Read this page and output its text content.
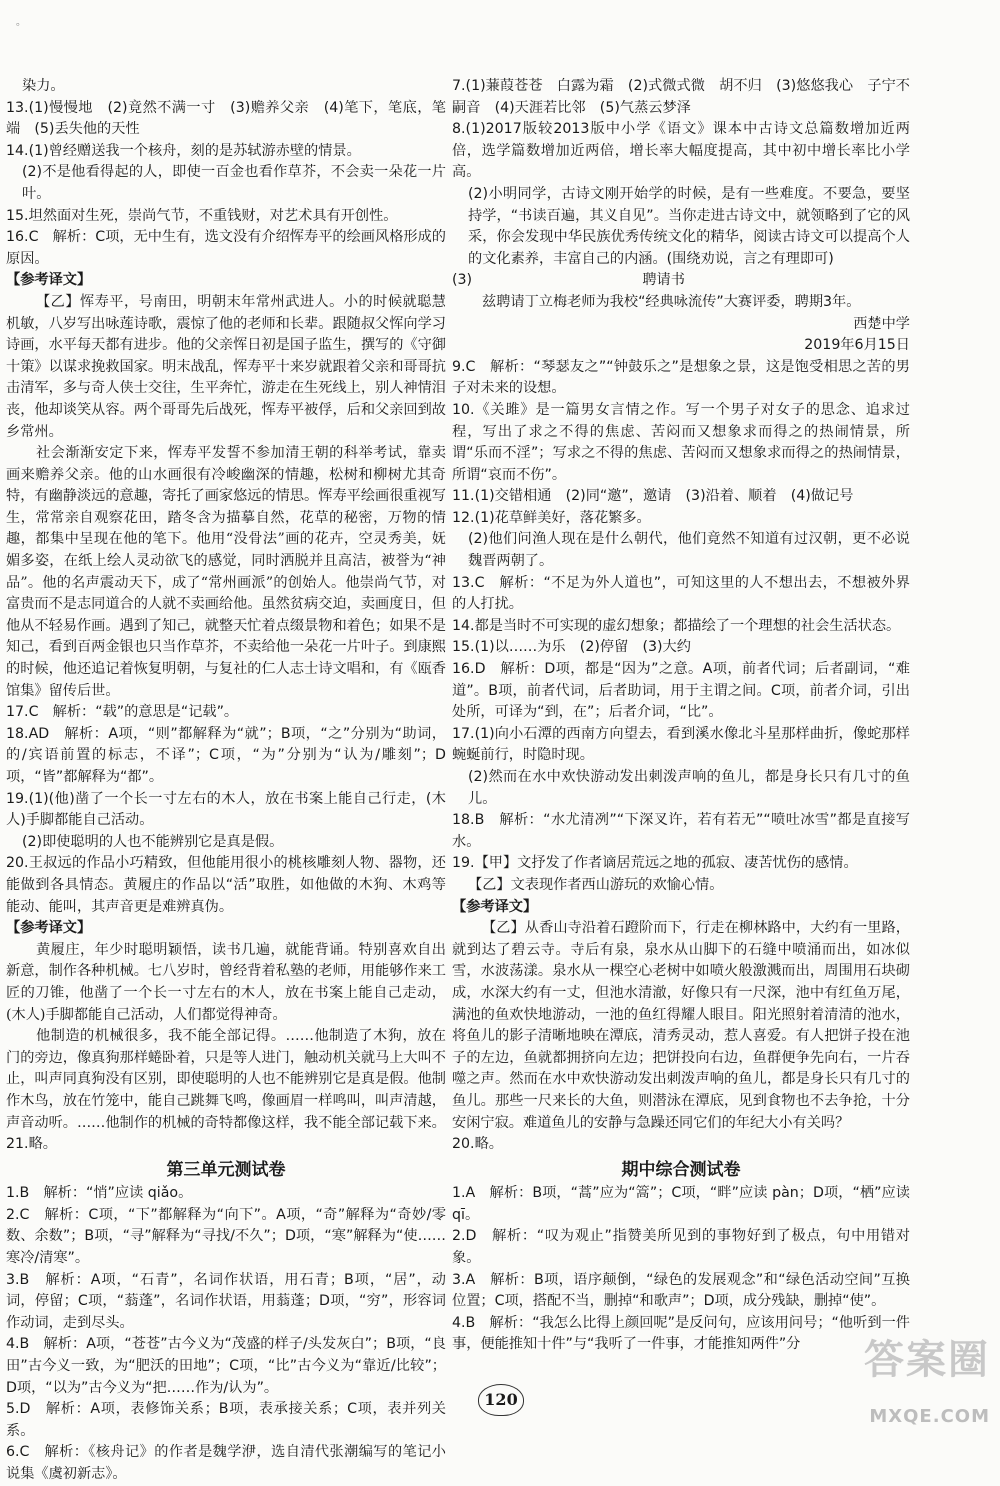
。

染力。

13.(1)慢慢地　(2)竟然不满一寸　(3)赡养父亲　(4)笔下，笔底，笔端　(5)丢失他的天性

14.(1)曾经赠送我一个核舟，刻的是苏轼游赤壁的情景。

(2)不是他看得起的人，即使一百金也看作草芥，不会卖一朵花一片叶。

15.坦然面对生死，崇尚气节，不重钱财，对艺术具有开创性。

16.C　解析：C项，无中生有，选文没有介绍恽寿平的绘画风格形成的原因。

【参考译文】

【乙】恽寿平，号南田，明朝末年常州武进人。小的时候就聪慧机敏，八岁写出咏莲诗歌，震惊了他的老师和长辈。跟随叔父恽向学习诗画，水平每天都有进步。他的父亲恽日初是国子监生，撰写的《守御十策》以谋求挽救国家。明末战乱，恽寿平十来岁就跟着父亲和哥哥抗击清军，多与奇人侠士交往，生平奔忙，游走在生死线上，别人神情泪丧，他却谈笑从容。两个哥哥先后战死，恽寿平被俘，后和父亲回到故乡常州。

社会渐渐安定下来，恽寿平发誓不参加清王朝的科举考试，靠卖画来赡养父亲。他的山水画很有冷峻幽深的情趣，松树和柳树尤其奇特，有幽静淡远的意趣，寄托了画家悠远的情思。恽寿平绘画很重视写生，常常亲自观察花田，踏冬含为描摹自然，花草的秘密，万物的情趣，都集中呈现在他的笔下。他用“没骨法”画的花卉，空灵秀美，妩媚多姿，在纸上绘人灵动欲飞的感觉，同时洒脱并且高洁，被誉为“神品”。他的名声震动天下，成了“常州画派”的创始人。他崇尚气节，对富贵而不是志同道合的人就不卖画给他。虽然贫病交迫，卖画度日，但他从不轻易作画。遇到了知己，就整天忙着点缀景物和着色；如果不是知己，看到百两金银也只当作草芥，不卖给他一朵花一片叶子。到康熙的时候，他还追记着恢复明朝，与复社的仁人志士诗文唱和，有《瓯香馆集》留传后世。

17.C　解析：“载”的意思是“记载”。

18.AD　解析：A项，“则”都解释为“就”；B项，“之”分别为“助词，的/宾语前置的标志，不译”；C项，“为”分别为“认为/雕刻”；D项，“皆”都解释为“都”。

19.(1)(他)凿了一个长一寸左右的木人，放在书案上能自己行走，(木人)手脚都能自己活动。

(2)即使聪明的人也不能辨别它是真是假。

20.王叔远的作品小巧精致，但他能用很小的桃核雕刻人物、器物，还能做到各具情态。黄履庄的作品以“活”取胜，如他做的木狗、木鸡等能动、能叫，其声音更是难辨真伪。

【参考译文】

黄履庄，年少时聪明颖悟，读书几遍，就能背诵。特别喜欢自出新意，制作各种机械。七八岁时，曾经背着私塾的老师，用能够作来工匠的刀锥，他凿了一个长一寸左右的木人，放在书案上能自己走动，(木人)手脚都能自己活动，人们都觉得神奇。

他制造的机械很多，我不能全部记得。……他制造了木狗，放在门的旁边，像真狗那样蜷卧着，只是等人进门，触动机关就马上大叫不止，叫声同真狗没有区别，即使聪明的人也不能辨别它是真是假。他制作木鸟，放在竹笼中，能自己跳舞飞鸣，像画眉一样鸣叫，叫声清越，声音动听。……他制作的机械的奇特都像这样，我不能全部记载下来。

21.略。

第三单元测试卷

1.B　解析：“悄”应读 qiǎo。

2.C　解析：C项，“下”都解释为“向下”。A项，“奇”解释为“奇妙/零数、余数”；B项，“寻”解释为“寻找/不久”；D项，“寒”解释为“使……寒冷/清寒”。

3.B　解析：A项，“石青”，名词作状语，用石青；B项，“居”，动词，停留；C项，“蓊蓬”，名词作状语，用蓊蓬；D项，“穷”，形容词作动词，走到尽头。

4.B　解析：A项，“苍苍”古今义为“茂盛的样子/头发灰白”；B项，“良田”古今义一致，为“肥沃的田地”；C项，“比”古今义为“靠近/比较”；D项，“以为”古今义为“把……作为/认为”。

5.D　解析：A项，表修饰关系；B项，表承接关系；C项，表并列关系。

6.C　解析：《核舟记》的作者是魏学洢，选自清代张潮编写的笔记小说集《虞初新志》。

7.(1)蒹葭苍苍　白露为霜　(2)式微式微　胡不归　(3)悠悠我心　子宁不嗣音　(4)天涯若比邻　(5)气蒸云梦泽

8.(1)2017版较2013版中小学《语文》课本中古诗文总篇数增加近两倍，选学篇数增加近两倍，增长率大幅度提高，其中初中增长率比小学高。

(2)小明同学，古诗文刚开始学的时候，是有一些难度。不要急，要坚持学，“书读百遍，其义自见”。当你走进古诗文中，就领略到了它的风采，你会发现中华民族优秀传统文化的精华，阅读古诗文可以提高个人的文化素养，丰富自己的内涵。(围绕劝说，言之有理即可)

(3)　　　　　　　　　　　　聘请书

兹聘请丁立梅老师为我校“经典咏流传”大赛评委，聘期3年。

西楚中学

2019年6月15日

9.C　解析：“琴瑟友之”“钟鼓乐之”是想象之景，这是饱受相思之苦的男子对未来的设想。

10.《关雎》是一篇男女言情之作。写一个男子对女子的思念、追求过程，写出了求之不得的焦虑、苦闷而又想象求而得之的热闹情景，所谓“乐而不淫”；写求之不得的焦虑、苦闷而又想象求而得之的热闹情景，所谓“哀而不伤”。

11.(1)交错相通　(2)同“邀”，邀请　(3)沿着、顺着　(4)做记号

12.(1)花草鲜美好，落花繁多。

(2)他们问渔人现在是什么朝代，他们竟然不知道有过汉朝，更不必说魏晋两朝了。

13.C　解析：“不足为外人道也”，可知这里的人不想出去，不想被外界的人打扰。

14.都是当时不可实现的虚幻想象；都描绘了一个理想的社会生活状态。

15.(1)以……为乐　(2)停留　(3)大约

16.D　解析：D项，都是“因为”之意。A项，前者代词；后者副词，“难道”。B项，前者代词，后者助词，用于主谓之间。C项，前者介词，引出处所，可译为“到，在”；后者介词，“比”。

17.(1)向小石潭的西南方向望去，看到溪水像北斗星那样曲折，像蛇那样蜿蜒前行，时隐时现。

(2)然而在水中欢快游动发出刺泼声响的鱼儿，都是身长只有几寸的鱼儿。

18.B　解析：“水尤清冽”“下深叉许，若有若无”“喷吐冰雪”都是直接写水。

19.【甲】文抒发了作者谪居荒远之地的孤寂、凄苦忧伤的感情。

【乙】文表现作者西山游玩的欢愉心情。

【参考译文】

【乙】从香山寺沿着石蹬阶而下，行走在柳林路中，大约有一里路，就到达了碧云寺。寺后有泉，泉水从山脚下的石缝中喷涌而出，如冰似雪，水波荡漾。泉水从一棵空心老树中如喷火般激溅而出，周围用石块砌成，水深大约有一丈，但池水清澈，好像只有一尺深，池中有红鱼万尾，满池的鱼欢快地游动，一池的鱼红得耀人眼目。阳光照射着清清的池水，将鱼儿的影子清晰地映在潭底，清秀灵动，惹人喜爱。有人把饼子投在池子的左边，鱼就都拥挤向左边；把饼投向右边，鱼群便争先向右，一片吞噬之声。然而在水中欢快游动发出刺泼声响的鱼儿，都是身长只有几寸的鱼儿。那些一尺来长的大鱼，则潜泳在潭底，见到食物也不去争抢，十分安闲宁寂。难道鱼儿的安静与急躁还同它们的年纪大小有关吗？

20.略。

期中综合测试卷

1.A　解析：B项，“蒿”应为“篙”；C项，“畔”应读 pàn；D项，“栖”应读 qī。

2.D　解析：“叹为观止”指赞美所见到的事物好到了极点，句中用错对象。

3.A　解析：B项，语序颠倒，“绿色的发展观念”和“绿色活动空间”互换位置；C项，搭配不当，删掉“和歌声”；D项，成分残缺，删掉“使”。

4.B　解析：“我怎么比得上颜回呢”是反问句，应该用问号；“他听到一件事，便能推知十件”与“我听了一件事，才能推知两件”分

120
答案圈
MXQE.COM
